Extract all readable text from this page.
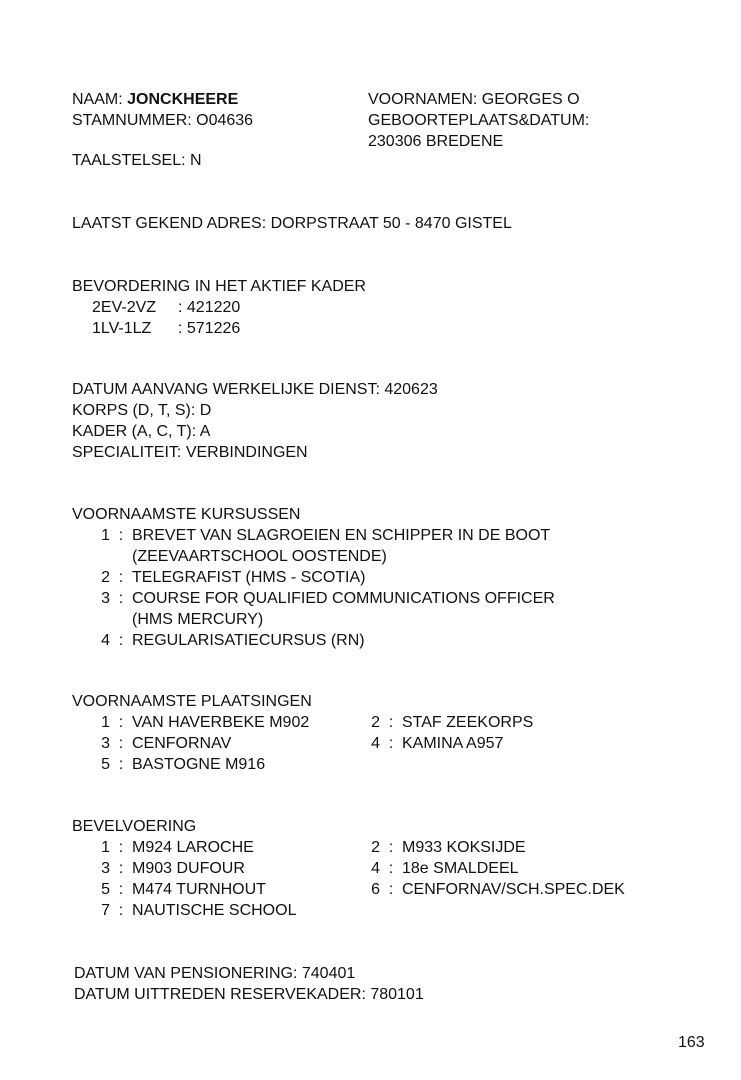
NAAM: JONCKHEERE
STAMNUMMER: O04636
TAALSTELSEL: N
VOORNAMEN: GEORGES O
GEBOORTEPLAATS&DATUM:
230306 BREDENE
LAATST GEKEND ADRES: DORPSTRAAT 50 - 8470 GISTEL
BEVORDERING IN HET AKTIEF KADER
2EV-2VZ : 421220
1LV-1LZ : 571226
DATUM AANVANG WERKELIJKE DIENST: 420623
KORPS (D, T, S): D
KADER (A, C, T): A
SPECIALITEIT: VERBINDINGEN
VOORNAAMSTE KURSUSSEN
1 : BREVET VAN SLAGROEIEN EN SCHIPPER IN DE BOOT
(ZEEVAARTSCHOOL OOSTENDE)
2 : TELEGRAFIST (HMS - SCOTIA)
3 : COURSE FOR QUALIFIED COMMUNICATIONS OFFICER
(HMS MERCURY)
4 : REGULARISATIECURSUS (RN)
VOORNAAMSTE PLAATSINGEN
1 : VAN HAVERBEKE M902	2 : STAF ZEEKORPS
3 : CENFORNAV	4 : KAMINA A957
5 : BASTOGNE M916
BEVELVOERING
1 : M924 LAROCHE	2 : M933 KOKSIJDE
3 : M903 DUFOUR	4 : 18e SMALDEEL
5 : M474 TURNHOUT	6 : CENFORNAV/SCH.SPEC.DEK
7 : NAUTISCHE SCHOOL
DATUM VAN PENSIONERING: 740401
DATUM UITTREDEN RESERVEKADER: 780101
163
